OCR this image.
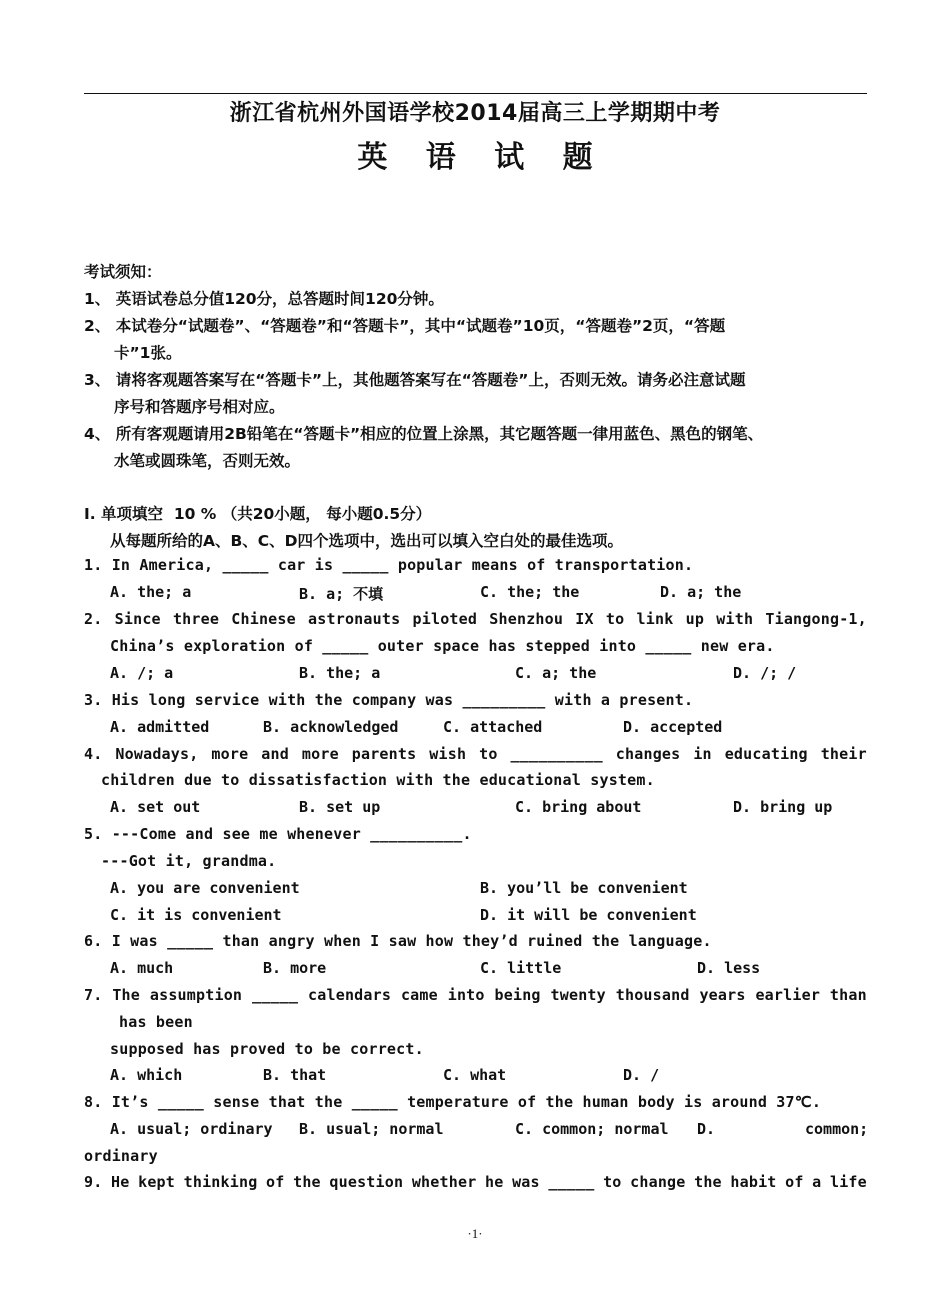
浙江省杭州外国语学校2014届高三上学期期中考
英 语 试 题
考试须知：
1、 英语试卷总分值120分，总答题时间120分钟。
2、 本试卷分“试题卷”、“答题卷”和“答题卡”，其中“试题卷”10页，“答题卷”2页，“答题
卡”1张。
3、 请将客观题答案写在“答题卡”上，其他题答案写在“答题卷”上，否则无效。请务必注意试题
序号和答题序号相对应。
4、 所有客观题请用2B铅笔在“答题卡”相应的位置上涂黑，其它题答题一律用蓝色、黑色的钢笔、
水笔或圆珠笔，否则无效。
I. 单项填空  10 % （共20小题， 每小题0.5分）
从每题所给的A、B、C、D四个选项中，选出可以填入空白处的最佳选项。
1. In America, _____ car is _____ popular means of transportation.
A. the; a	B. a; 不填	C. the; the	D. a; the
2. Since three Chinese astronauts piloted Shenzhou IX to link up with Tiangong-1,
China’s exploration of _____ outer space has stepped into _____ new era.
A. /; a	B. the; a	C. a; the	D. /; /
3. His long service with the company was _________ with a present.
A. admitted	B. acknowledged	C. attached	D. accepted
4. Nowadays, more and more parents wish to __________ changes in educating their
children due to dissatisfaction with the educational system.
A. set out	B. set up	C. bring about	D. bring up
5. ---Come and see me whenever __________.
---Got it, grandma.
A. you are convenient	B. you’ll be convenient
C. it is convenient	D. it will be convenient
6. I was _____ than angry when I saw how they’d ruined the language.
A. much	B. more	C. little	D. less
7. The assumption _____ calendars came into being twenty thousand years earlier than
has been
supposed has proved to be correct.
A. which	B. that	C. what	D. /
8. It’s _____ sense that the _____ temperature of the human body is around 37℃.
A. usual; ordinary B. usual; normal	C. common; normal D.	common;
ordinary
9. He kept thinking of the question whether he was _____ to change the habit of a life
·1·
